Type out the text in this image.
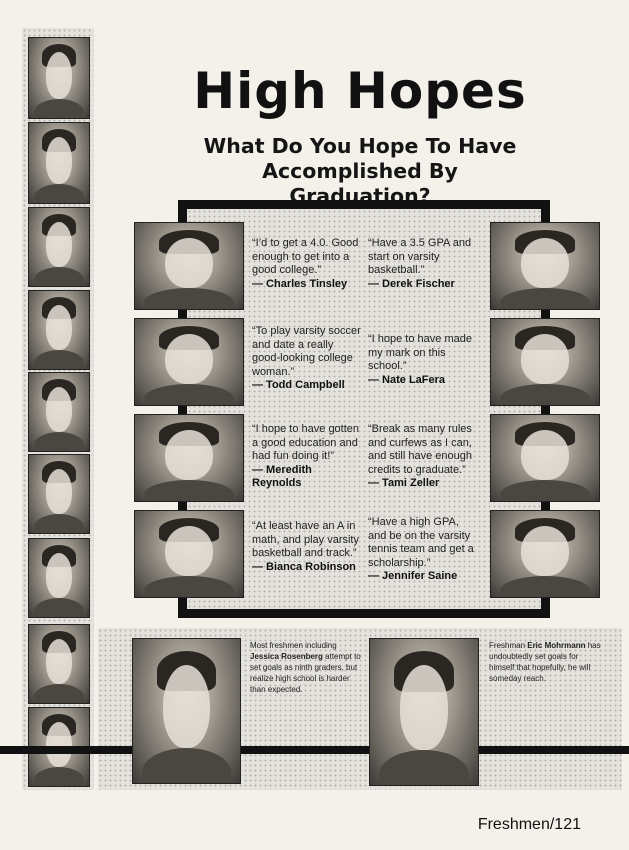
High Hopes
What Do You Hope To Have Accomplished By Graduation?
“I’d to get a 4.0. Good enough to get into a good college.”
— Charles Tinsley
“To play varsity soccer and date a really good-looking college woman.”
— Todd Campbell
“I hope to have gotten a good education and had fun doing it!”
— Meredith Reynolds
“At least have an A in math, and play varsity basketball and track.”
— Bianca Robinson
“Have a 3.5 GPA and start on varsity basketball.”
— Derek Fischer
“I hope to have made my mark on this school.”
— Nate LaFera
“Break as many rules and curfews as I can, and still have enough credits to graduate.”
— Tami Zeller
“Have a high GPA, and be on the varsity tennis team and get a scholarship.”
— Jennifer Saine
Most freshmen including Jessica Rosenberg attempt to set goals as ninth graders, but realize high school is harder than expected.
Freshman Eric Mohrmann has undoubtedly set goals for himself that hopefully, he will someday reach.
Freshmen/121
